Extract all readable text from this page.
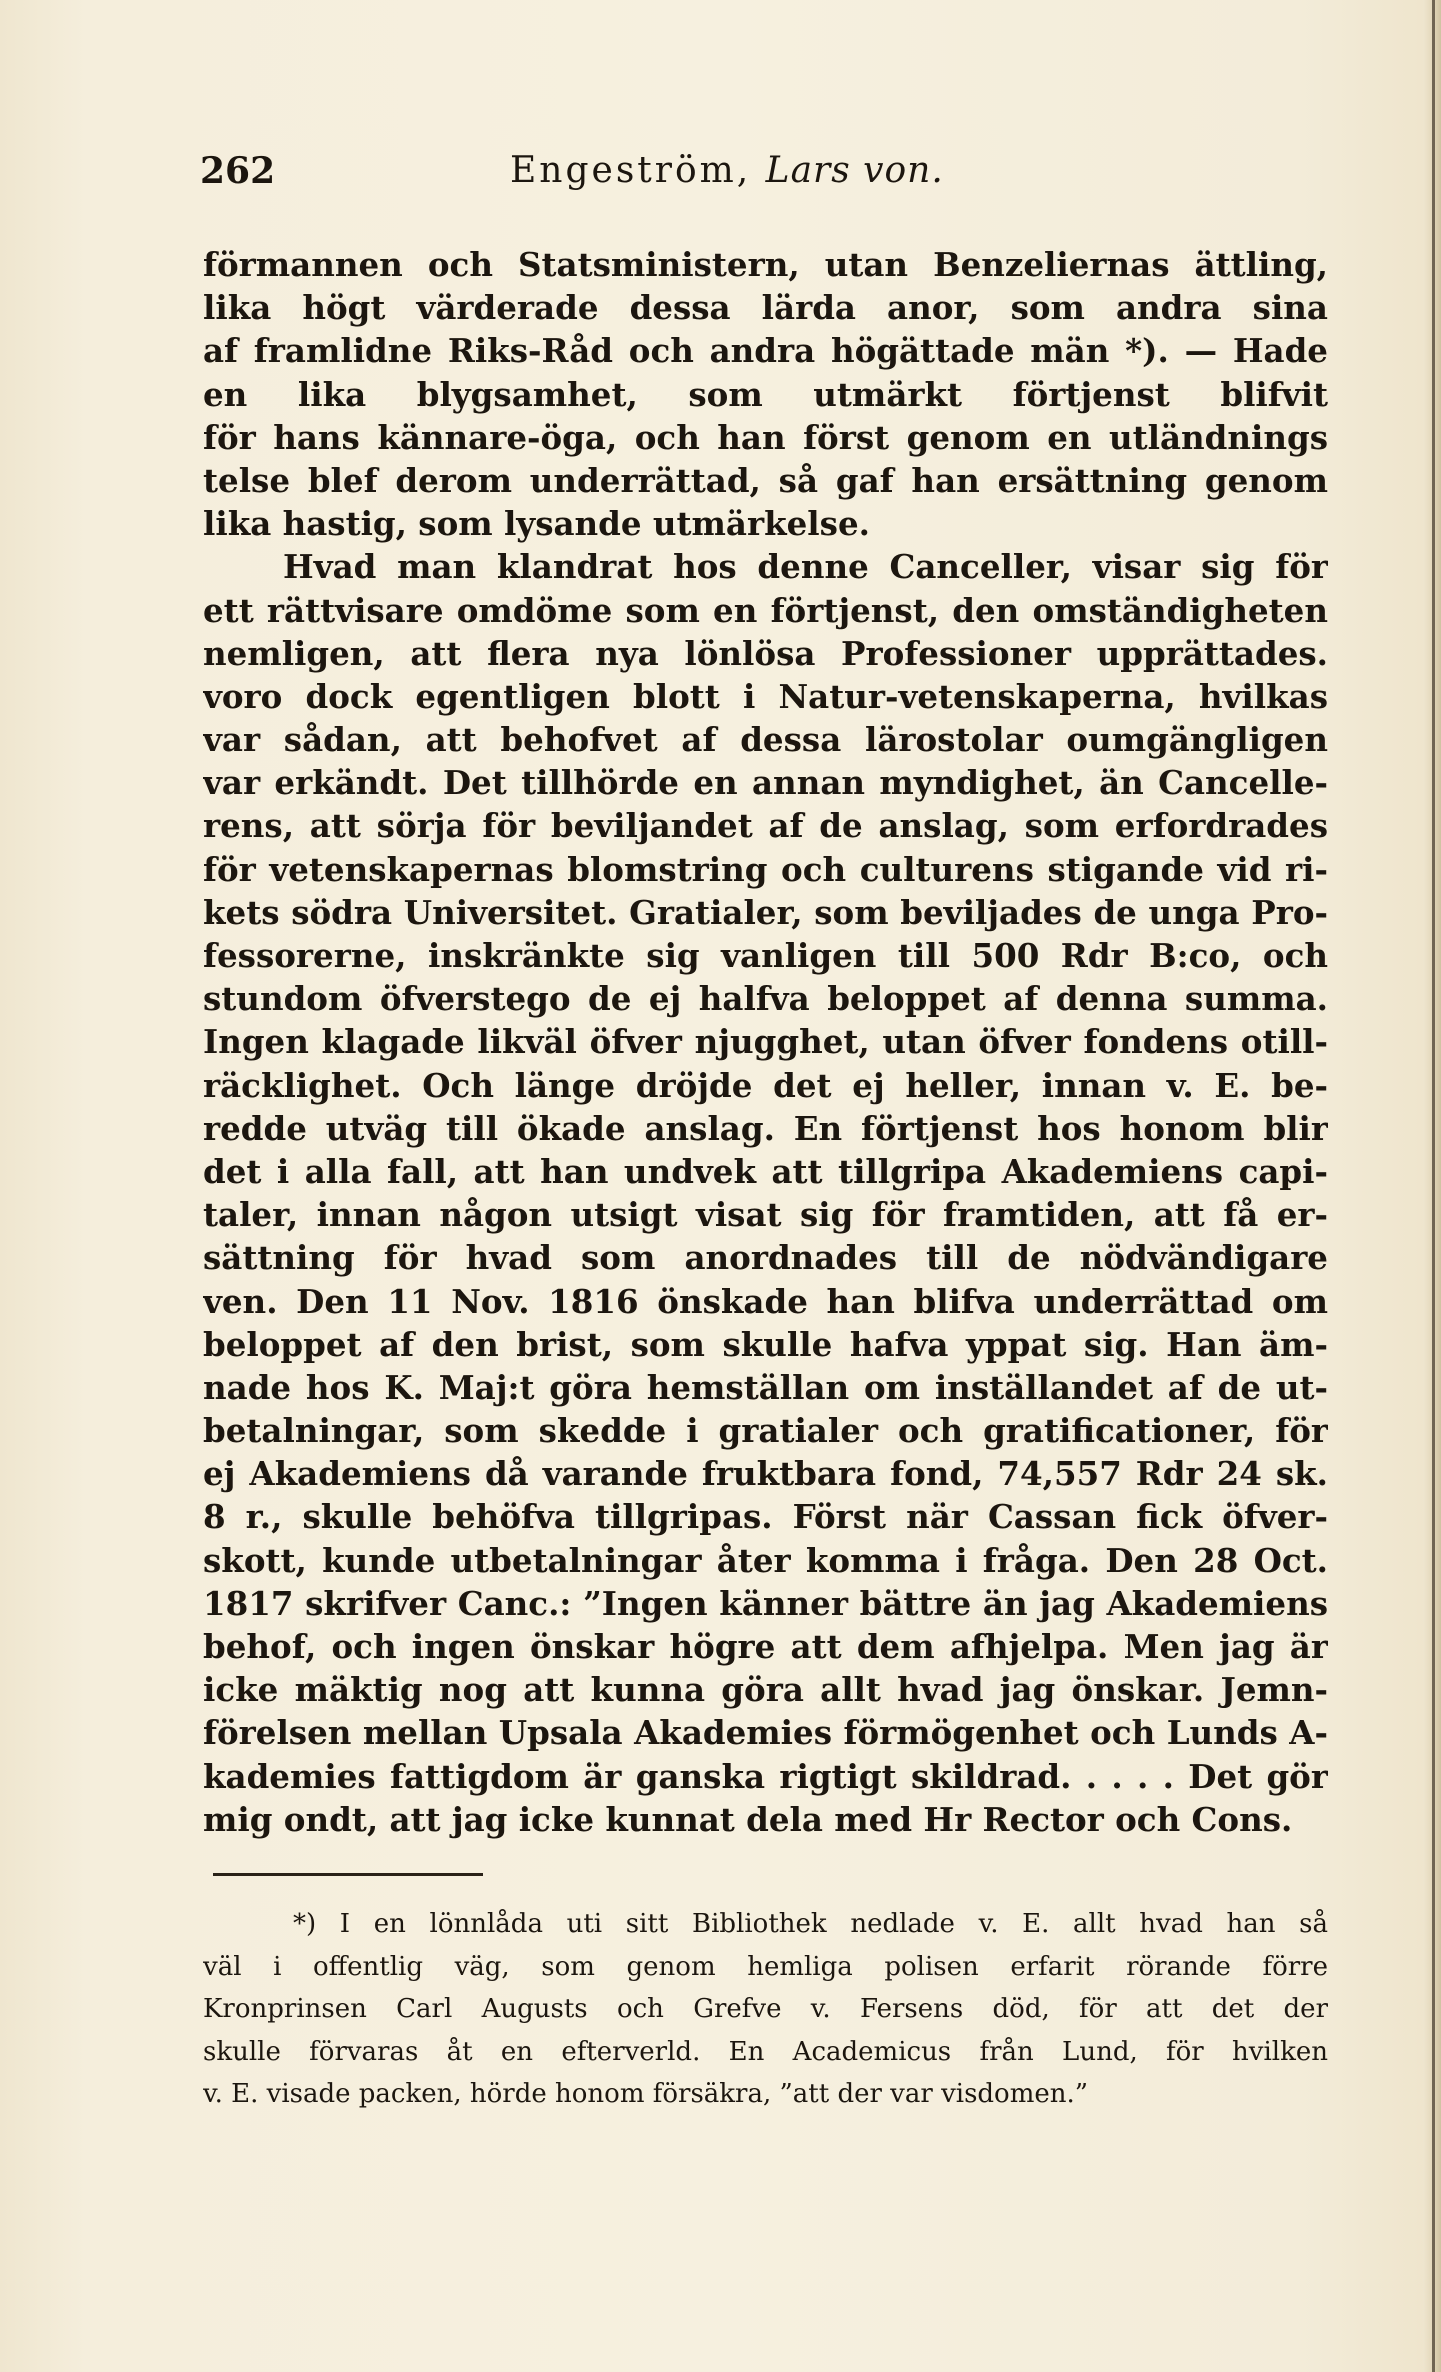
262	Engeström, Lars von.
förmannen och Statsministern, utan Benzeliernas ättling,
lika högt värderade dessa lärda anor, som andra sina
af framlidne Riks-Råd och andra högättade män *). — Hade
en lika blygsamhet, som utmärkt förtjenst blifvit
för hans kännare-öga, och han först genom en utländnings
telse blef derom underrättad, så gaf han ersättning genom
lika hastig, som lysande utmärkelse.
Hvad man klandrat hos denne Canceller, visar sig för
ett rättvisare omdöme som en förtjenst, den omständigheten
nemligen, att flera nya lönlösa Professioner upprättades.
voro dock egentligen blott i Natur-vetenskaperna, hvilkas
var sådan, att behofvet af dessa lärostolar oumgängligen
var erkändt. Det tillhörde en annan myndighet, än Cancelle-
rens, att sörja för beviljandet af de anslag, som erfordrades
för vetenskapernas blomstring och culturens stigande vid ri-
kets södra Universitet. Gratialer, som beviljades de unga Pro-
fessorerne, inskränkte sig vanligen till 500 Rdr B:co, och
stundom öfverstego de ej halfva beloppet af denna summa.
Ingen klagade likväl öfver njugghet, utan öfver fondens otill-
räcklighet. Och länge dröjde det ej heller, innan v. E. be-
redde utväg till ökade anslag. En förtjenst hos honom blir
det i alla fall, att han undvek att tillgripa Akademiens capi-
taler, innan någon utsigt visat sig för framtiden, att få er-
sättning för hvad som anordnades till de nödvändigare
ven. Den 11 Nov. 1816 önskade han blifva underrättad om
beloppet af den brist, som skulle hafva yppat sig. Han äm-
nade hos K. Maj:t göra hemställan om inställandet af de ut-
betalningar, som skedde i gratialer och gratificationer, för
ej Akademiens då varande fruktbara fond, 74,557 Rdr 24 sk.
8 r., skulle behöfva tillgripas. Först när Cassan fick öfver-
skott, kunde utbetalningar åter komma i fråga. Den 28 Oct.
1817 skrifver Canc.: ”Ingen känner bättre än jag Akademiens
behof, och ingen önskar högre att dem afhjelpa. Men jag är
icke mäktig nog att kunna göra allt hvad jag önskar. Jemn-
förelsen mellan Upsala Akademies förmögenhet och Lunds A-
kademies fattigdom är ganska rigtigt skildrad. . . . . Det gör
mig ondt, att jag icke kunnat dela med Hr Rector och Cons.
*) I en lönnlåda uti sitt Bibliothek nedlade v. E. allt hvad han så
väl i offentlig väg, som genom hemliga polisen erfarit rörande förre
Kronprinsen Carl Augusts och Grefve v. Fersens död, för att det der
skulle förvaras åt en efterverld. En Academicus från Lund, för hvilken
v. E. visade packen, hörde honom försäkra, ”att der var visdomen.”
